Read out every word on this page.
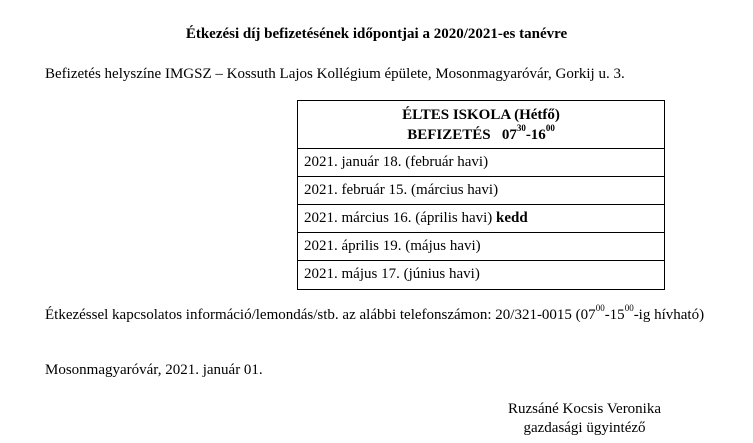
Étkezési díj befizetésének időpontjai a 2020/2021-es tanévre
Befizetés helyszíne IMGSZ – Kossuth Lajos Kollégium épülete, Mosonmagyaróvár, Gorkij u. 3.
ÉLTES ISKOLA (Hétfő)
BEFIZETÉS $07^{30}-16^{00}$
2021. január 18. (február havi)
2021. február 15. (március havi)
2021. március 16. (április havi) kedd
2021. április 19. (május havi)
2021. május 17. (június havi)
Étkezéssel kapcsolatos információ/lemondás/stb. az alábbi telefonszámon: 20/321-0015 ($07^{00}-15^{00}-ig$ hívható)
Mosonmagyaróvár, 2021. január 01.
Ruzsáné Kocsis Veronika
gazdasági ügyintéző
